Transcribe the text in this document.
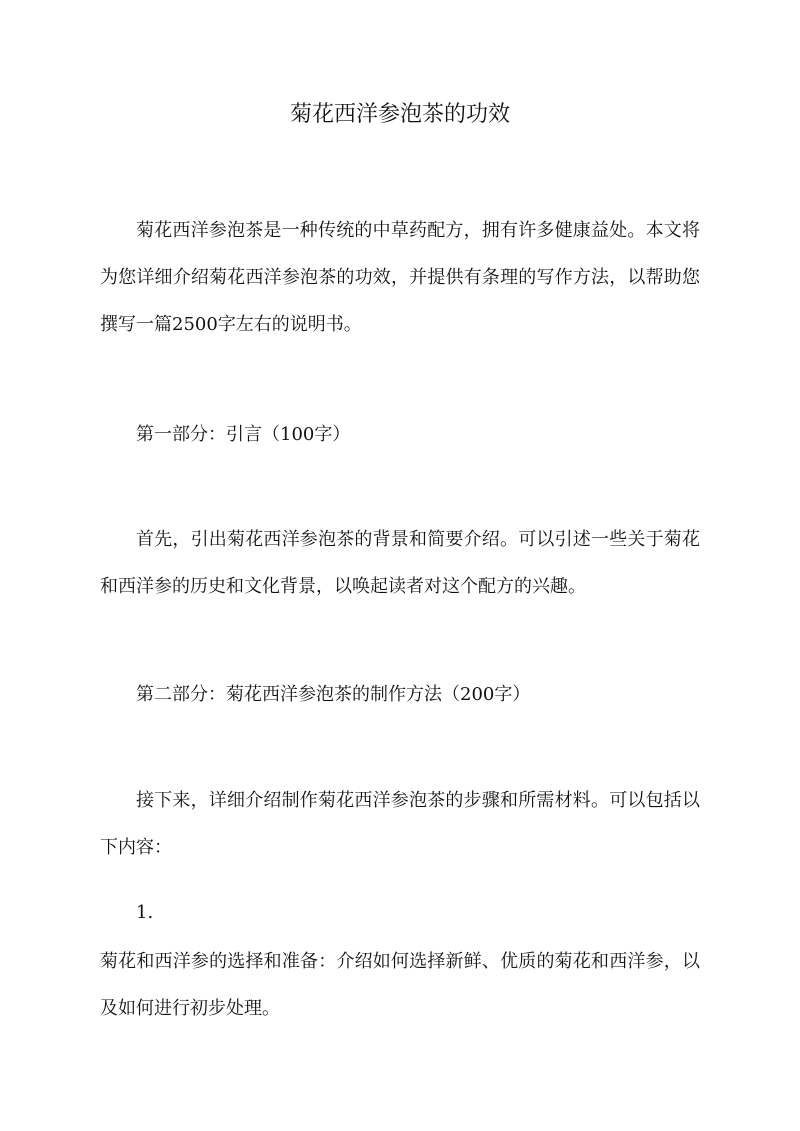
菊花西洋参泡茶的功效

菊花西洋参泡茶是一种传统的中草药配方，拥有许多健康益处。本文将为您详细介绍菊花西洋参泡茶的功效，并提供有条理的写作方法，以帮助您撰写一篇2500字左右的说明书。

第一部分：引言（100字）

首先，引出菊花西洋参泡茶的背景和简要介绍。可以引述一些关于菊花和西洋参的历史和文化背景，以唤起读者对这个配方的兴趣。

第二部分：菊花西洋参泡茶的制作方法（200字）

接下来，详细介绍制作菊花西洋参泡茶的步骤和所需材料。可以包括以下内容：

1.

菊花和西洋参的选择和准备：介绍如何选择新鲜、优质的菊花和西洋参，以及如何进行初步处理。
